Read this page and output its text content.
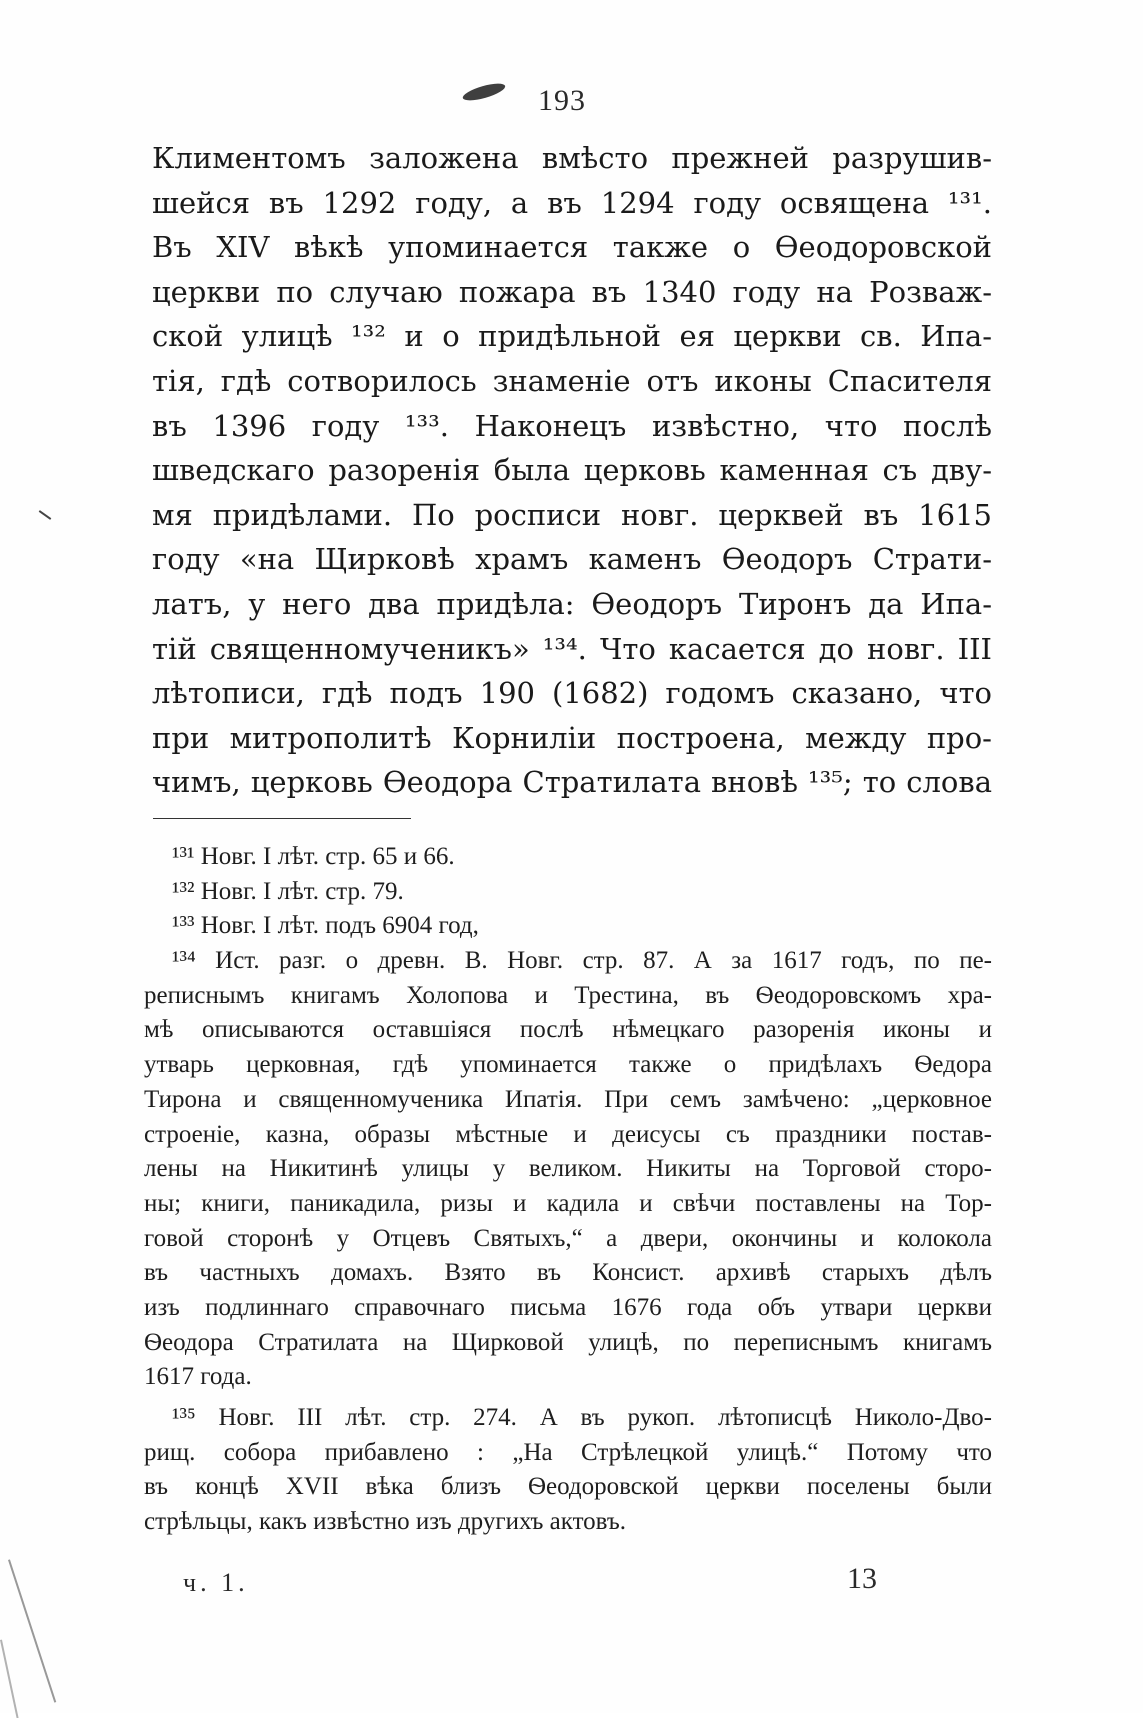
193
Климентомъ заложена вмѣсто прежней разрушив-
шейся въ 1292 году, а въ 1294 году освящена ¹³¹.
Въ XIV вѣкѣ упоминается также о Ѳеодоровской
церкви по случаю пожара въ 1340 году на Розваж-
ской улицѣ ¹³² и о придѣльной ея церкви св. Ипа-
тія, гдѣ сотворилось знаменіе отъ иконы Спасителя
въ 1396 году ¹³³. Наконецъ извѣстно, что послѣ
шведскаго разоренія была церковь каменная съ дву-
мя придѣлами. По росписи новг. церквей въ 1615
году «на Щирковѣ храмъ каменъ Ѳеодоръ Страти-
латъ, у него два придѣла: Ѳеодоръ Тиронъ да Ипа-
тій священномученикъ» ¹³⁴. Что касается до новг. III
лѣтописи, гдѣ подъ 190 (1682) годомъ сказано, что
при митрополитѣ Корниліи построена, между про-
чимъ, церковь Ѳеодора Стратилата вновѣ ¹³⁵; то слова
¹³¹ Новг. I лѣт. стр. 65 и 66.
¹³² Новг. I лѣт. стр. 79.
¹³³ Новг. I лѣт. подъ 6904 год,
¹³⁴ Ист. разг. о древн. В. Новг. стр. 87. А за 1617 годъ, по пе-
реписнымъ книгамъ Холопова и Трестина, въ Ѳеодоровскомъ хра-
мѣ описываются оставшіяся послѣ нѣмецкаго разоренія иконы и
утварь церковная, гдѣ упоминается также о придѣлахъ Ѳедора
Тирона и священномученика Ипатія. При семъ замѣчено: „церковное
строеніе, казна, образы мѣстные и деисусы съ праздники постав-
лены на Никитинѣ улицы у великом. Никиты на Торговой сторо-
ны; книги, паникадила, ризы и кадила и свѣчи поставлены на Тор-
говой сторонѣ у Отцевъ Святыхъ,“ а двери, окончины и колокола
въ частныхъ домахъ. Взято въ Консист. архивѣ старыхъ дѣлъ
изъ подлиннаго справочнаго письма 1676 года объ утвари церкви
Ѳеодора Стратилата на Щирковой улицѣ, по переписнымъ книгамъ
1617 года.
¹³⁵ Новг. III лѣт. стр. 274. А въ рукоп. лѣтописцѣ Николо-Дво-
рищ. собора прибавлено : „На Стрѣлецкой улицѣ.“ Потому что
въ концѣ XVII вѣка близъ Ѳеодоровской церкви поселены были
стрѣльцы, какъ извѣстно изъ другихъ актовъ.
ч. 1.	13
